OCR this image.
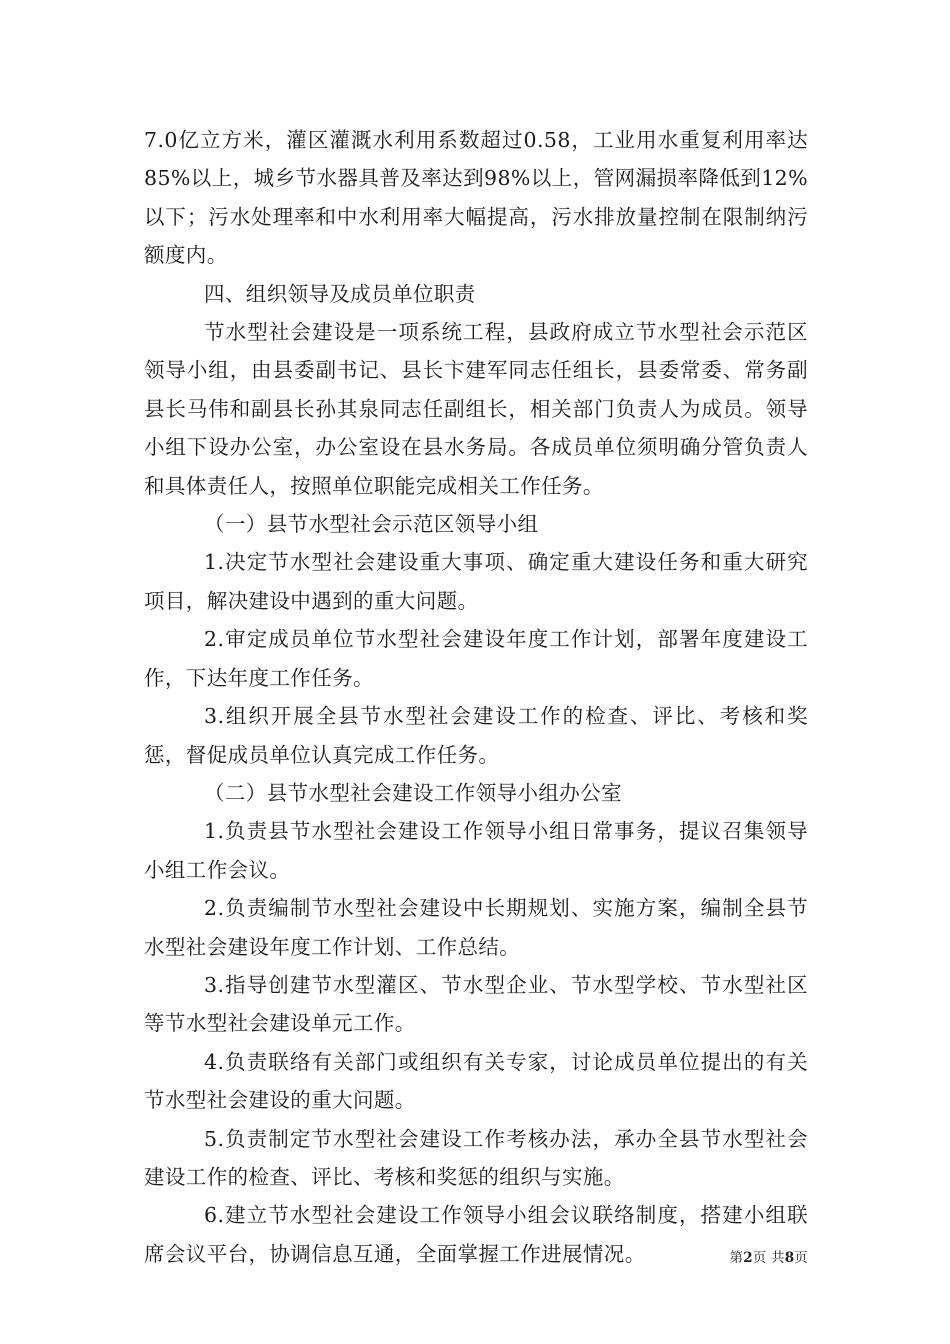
7.0亿立方米，灌区灌溉水利用系数超过0.58，工业用水重复利用率达85%以上，城乡节水器具普及率达到98%以上，管网漏损率降低到12%以下；污水处理率和中水利用率大幅提高，污水排放量控制在限制纳污额度内。

四、组织领导及成员单位职责

节水型社会建设是一项系统工程，县政府成立节水型社会示范区领导小组，由县委副书记、县长卞建军同志任组长，县委常委、常务副县长马伟和副县长孙其泉同志任副组长，相关部门负责人为成员。领导小组下设办公室，办公室设在县水务局。各成员单位须明确分管负责人和具体责任人，按照单位职能完成相关工作任务。

（一）县节水型社会示范区领导小组

1.决定节水型社会建设重大事项、确定重大建设任务和重大研究项目，解决建设中遇到的重大问题。

2.审定成员单位节水型社会建设年度工作计划，部署年度建设工作，下达年度工作任务。

3.组织开展全县节水型社会建设工作的检查、评比、考核和奖惩，督促成员单位认真完成工作任务。

（二）县节水型社会建设工作领导小组办公室

1.负责县节水型社会建设工作领导小组日常事务，提议召集领导小组工作会议。

2.负责编制节水型社会建设中长期规划、实施方案，编制全县节水型社会建设年度工作计划、工作总结。

3.指导创建节水型灌区、节水型企业、节水型学校、节水型社区等节水型社会建设单元工作。

4.负责联络有关部门或组织有关专家，讨论成员单位提出的有关节水型社会建设的重大问题。

5.负责制定节水型社会建设工作考核办法，承办全县节水型社会建设工作的检查、评比、考核和奖惩的组织与实施。

6.建立节水型社会建设工作领导小组会议联络制度，搭建小组联席会议平台，协调信息互通，全面掌握工作进展情况。	第2页 共8页
